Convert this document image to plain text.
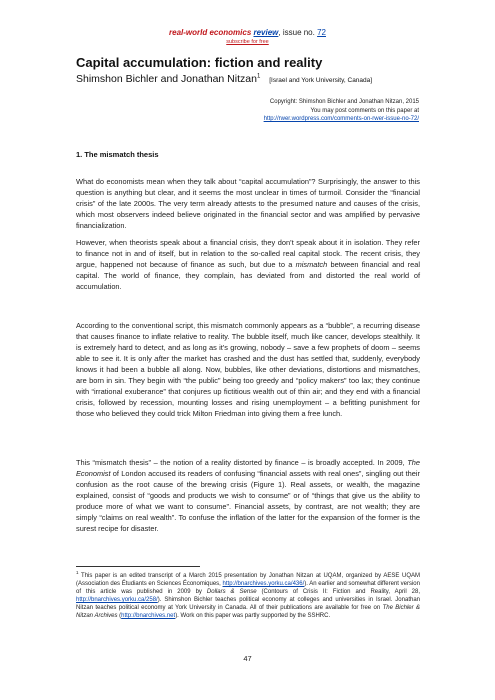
real-world economics review, issue no. 72
subscribe for free
Capital accumulation: fiction and reality
Shimshon Bichler and Jonathan Nitzan$^1$ [Israel and York University, Canada]
Copyright: Shimshon Bichler and Jonathan Nitzan, 2015
You may post comments on this paper at
http://rwer.wordpress.com/comments-on-rwer-issue-no-72/
1. The mismatch thesis

What do economists mean when they talk about “capital accumulation”? Surprisingly, the answer to this question is anything but clear, and it seems the most unclear in times of turmoil. Consider the “financial crisis” of the late 2000s. The very term already attests to the presumed nature and causes of the crisis, which most observers indeed believe originated in the financial sector and was amplified by pervasive financialization.

However, when theorists speak about a financial crisis, they don’t speak about it in isolation. They refer to finance not in and of itself, but in relation to the so-called real capital stock. The recent crisis, they argue, happened not because of finance as such, but due to a mismatch between financial and real capital. The world of finance, they complain, has deviated from and distorted the real world of accumulation.

According to the conventional script, this mismatch commonly appears as a “bubble”, a recurring disease that causes finance to inflate relative to reality. The bubble itself, much like cancer, develops stealthily. It is extremely hard to detect, and as long as it’s growing, nobody – save a few prophets of doom – seems able to see it. It is only after the market has crashed and the dust has settled that, suddenly, everybody knows it had been a bubble all along. Now, bubbles, like other deviations, distortions and mismatches, are born in sin. They begin with “the public” being too greedy and “policy makers” too lax; they continue with “irrational exuberance” that conjures up fictitious wealth out of thin air; and they end with a financial crisis, followed by recession, mounting losses and rising unemployment – a befitting punishment for those who believed they could trick Milton Friedman into giving them a free lunch.

This “mismatch thesis” – the notion of a reality distorted by finance – is broadly accepted. In 2009, The Economist of London accused its readers of confusing “financial assets with real ones”, singling out their confusion as the root cause of the brewing crisis (Figure 1). Real assets, or wealth, the magazine explained, consist of “goods and products we wish to consume” or of “things that give us the ability to produce more of what we want to consume”. Financial assets, by contrast, are not wealth; they are simply “claims on real wealth”. To confuse the inflation of the latter for the expansion of the former is the surest recipe for disaster.

$^1$ This paper is an edited transcript of a March 2015 presentation by Jonathan Nitzan at UQAM, organized by AESE UQAM (Association des Étudiants en Sciences Économiques, http://bnarchives.yorku.ca/436/). An earlier and somewhat different version of this article was published in 2009 by Dollars & Sense (Contours of Crisis II: Fiction and Reality, April 28, http://bnarchives.yorku.ca/258/). Shimshon Bichler teaches political economy at colleges and universities in Israel. Jonathan Nitzan teaches political economy at York University in Canada. All of their publications are available for free on The Bichler & Nitzan Archives (http://bnarchives.net). Work on this paper was partly supported by the SSHRC.

47
